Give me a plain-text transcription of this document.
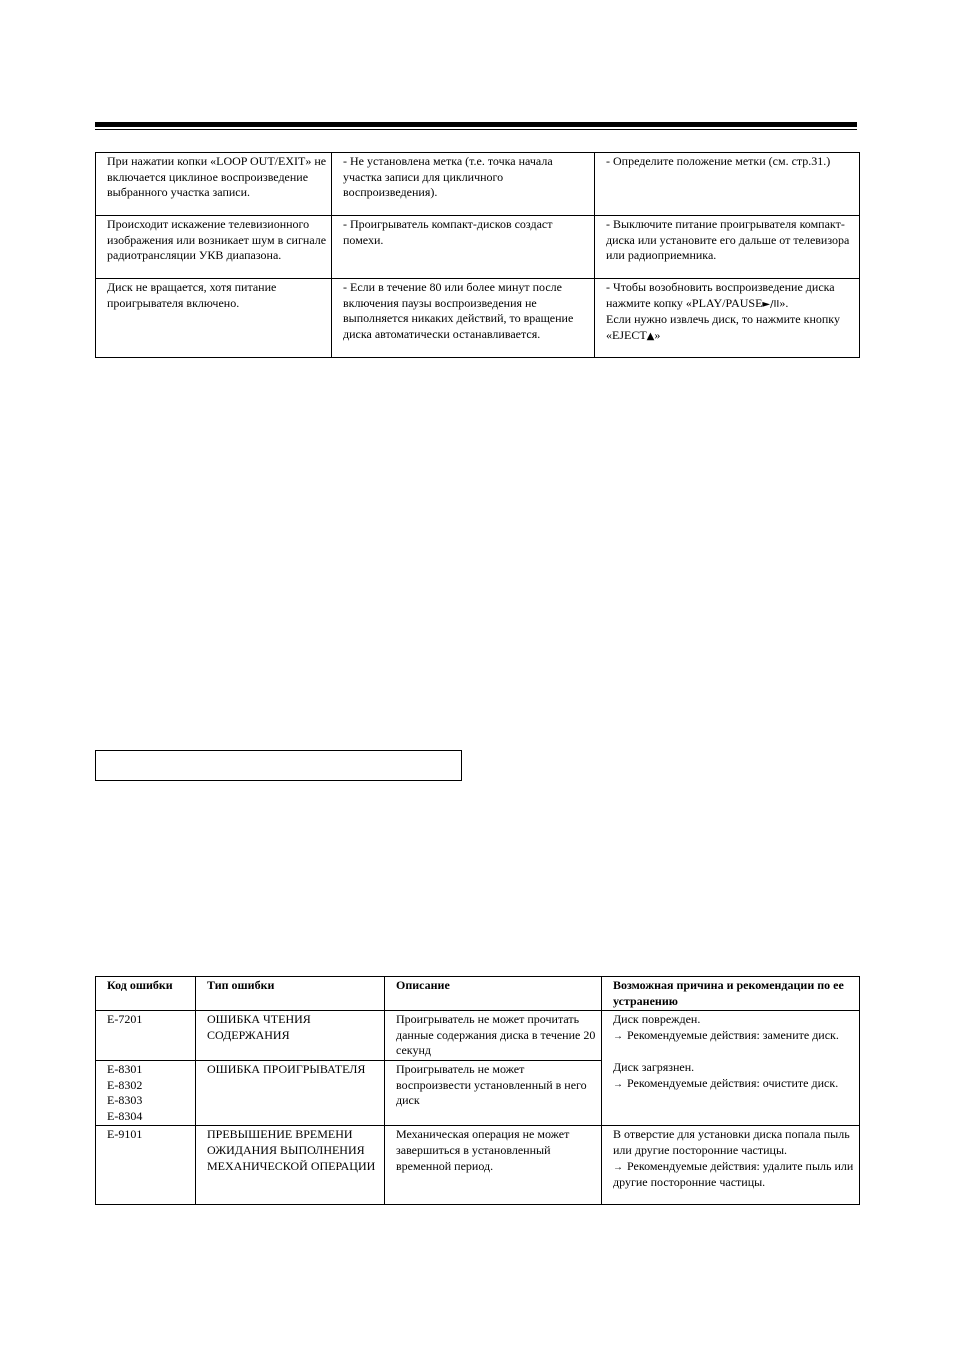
При нажатии копки «LOOP OUT/EXIT» не включается циклиное воспроизведение выбранного участка записи.	- Не установлена метка (т.е. точка начала участка записи для цикличного воспроизведения).	- Определите положение метки (см. стр.31.)
Происходит искажение телевизионного изображения или возникает шум в сигнале радиотрансляции УКВ диапазона.	- Проигрыватель компакт-дисков создаст помехи.	- Выключите питание проигрывателя компакт-диска или установите его дальше от телевизора или радиоприемника.
Диск не вращается, хотя питание проигрывателя включено.	- Если в течение 80 или более минут после включения паузы воспроизведения не выполняется никаких действий, то вращение диска автоматически останавливается.	- Чтобы возобновить воспроизведение диска нажмите копку «PLAY/PAUSE►/II».
Если нужно извлечь диск, то нажмите кнопку «EJECT▲»
Код ошибки	Тип ошибки	Описание	Возможная причина и рекомендации по ее устранению
E-7201	ОШИБКА ЧТЕНИЯ СОДЕРЖАНИЯ	Проигрыватель не может прочитать данные содержания диска в течение 20 секунд	Диск поврежден.

→ Рекомендуемые действия: замените диск.

Диск загрязнен.

→ Рекомендуемые действия: очистите диск.

E-8301
E-8302
E-8303
E-8304	ОШИБКА ПРОИГРЫВАТЕЛЯ	Проигрыватель не может воспроизвести установленный в него диск	
E-9101	ПРЕВЫШЕНИЕ ВРЕМЕНИ ОЖИДАНИЯ ВЫПОЛНЕНИЯ МЕХАНИЧЕСКОЙ ОПЕРАЦИИ	Механическая операция не может завершиться в установленный временной период.	В отверстие для установки диска попала пыль или другие посторонние частицы.

→ Рекомендуемые действия: удалите пыль или другие посторонние частицы.
